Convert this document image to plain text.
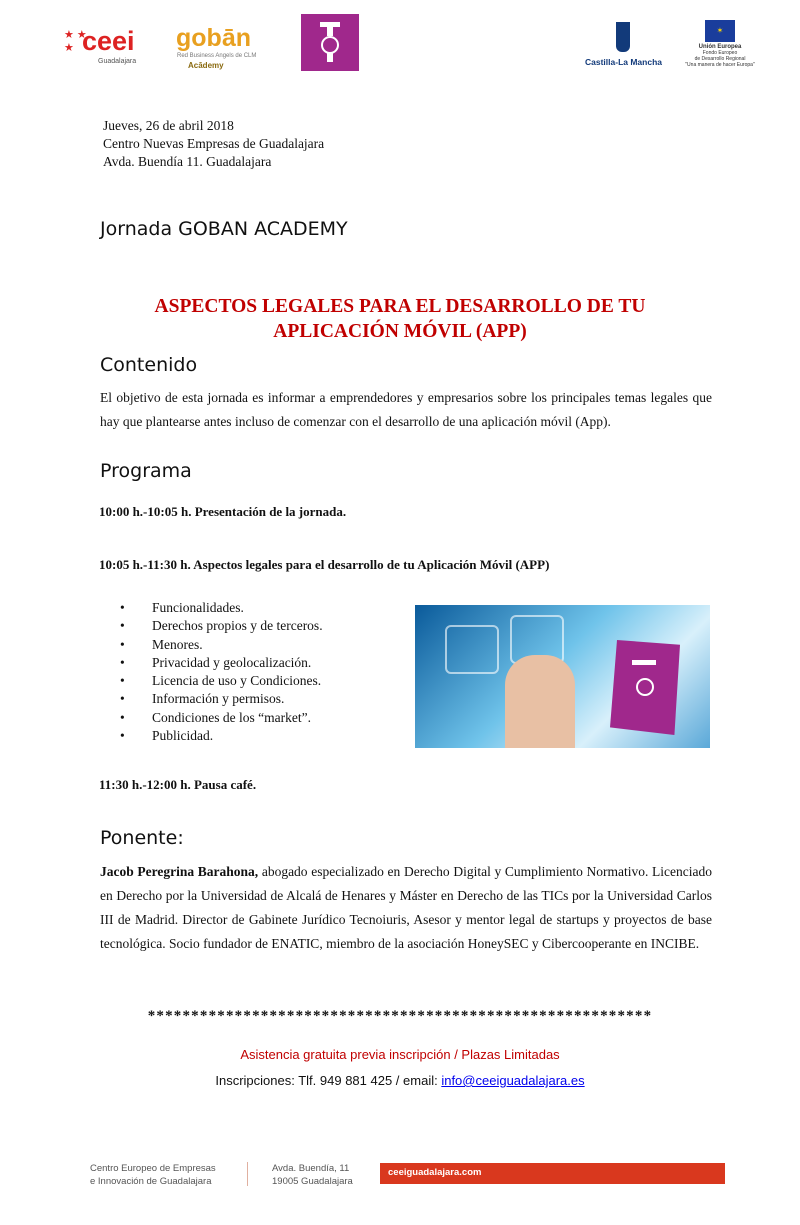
★ ★
★ ceei
Guadalajara
gobān
Red Business Angels de CLM
Acādemy	Castilla-La Mancha
✶
Unión Europea
Fondo Europeo
de Desarrollo Regional
"Una manera de hacer Europa"
Jueves, 26 de abril 2018
Centro Nuevas Empresas de Guadalajara
Avda. Buendía 11. Guadalajara
Jornada GOBAN ACADEMY
ASPECTOS LEGALES PARA EL DESARROLLO DE TU
APLICACIÓN MÓVIL (APP)
Contenido
El objetivo de esta jornada es informar a emprendedores y empresarios sobre los principales temas legales que hay que plantearse antes incluso de comenzar con el desarrollo de una aplicación móvil (App).
Programa
10:00 h.-10:05 h. Presentación de la jornada.
10:05 h.-11:30 h. Aspectos legales para el desarrollo de tu Aplicación Móvil (APP)
• Funcionalidades.
• Derechos propios y de terceros.
• Menores.
• Privacidad y geolocalización.
• Licencia de uso y Condiciones.
• Información y permisos.
• Condiciones de los “market”.
• Publicidad.
11:30 h.-12:00 h. Pausa café.
Ponente:
Jacob Peregrina Barahona, abogado especializado en Derecho Digital y Cumplimiento Normativo. Licenciado en Derecho por la Universidad de Alcalá de Henares y Máster en Derecho de las TICs por la Universidad Carlos III de Madrid. Director de Gabinete Jurídico Tecnoiuris, Asesor y mentor legal de startups y proyectos de base tecnológica. Socio fundador de ENATIC, miembro de la asociación HoneySEC y Cibercooperante en INCIBE.
**********************************************************
Asistencia gratuita previa inscripción / Plazas Limitadas
Inscripciones: Tlf. 949 881 425 / email: info@ceeiguadalajara.es
Centro Europeo de Empresas
e Innovación de Guadalajara
Avda. Buendía, 11
19005 Guadalajara
ceeiguadalajara.com
